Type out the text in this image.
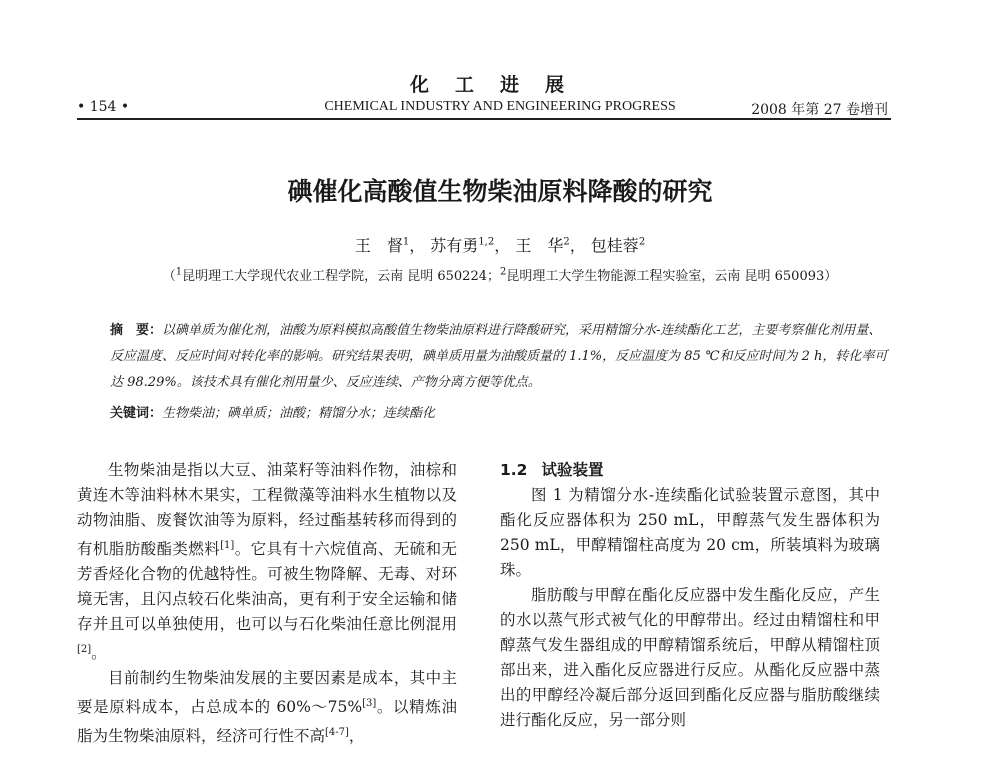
化工进展
• 154 •	CHEMICAL INDUSTRY AND ENGINEERING PROGRESS	2008 年第 27 卷增刊
碘催化高酸值生物柴油原料降酸的研究
王　督$^1$， 苏有勇$^{1,2}$， 王　华$^2$， 包桂蓉$^2$
（$^1$昆明理工大学现代农业工程学院，云南 昆明 650224；$^2$昆明理工大学生物能源工程实验室，云南 昆明 650093）
摘　要：以碘单质为催化剂，油酸为原料模拟高酸值生物柴油原料进行降酸研究，采用精馏分水-连续酯化工艺，主要考察催化剂用量、反应温度、反应时间对转化率的影响。研究结果表明，碘单质用量为油酸质量的 1.1%，反应温度为 85 ℃和反应时间为 2 h，转化率可达 98.29%。该技术具有催化剂用量少、反应连续、产物分离方便等优点。
关键词：生物柴油；碘单质；油酸；精馏分水；连续酯化

生物柴油是指以大豆、油菜籽等油料作物，油棕和黄连木等油料林木果实，工程微藻等油料水生植物以及动物油脂、废餐饮油等为原料，经过酯基转移而得到的有机脂肪酸酯类燃料[1]。它具有十六烷值高、无硫和无芳香烃化合物的优越特性。可被生物降解、无毒、对环境无害，且闪点较石化柴油高，更有利于安全运输和储存并且可以单独使用，也可以与石化柴油任意比例混用[2]。

目前制约生物柴油发展的主要因素是成本，其中主要是原料成本，占总成本的 60%～75%[3]。以精炼油脂为生物柴油原料，经济可行性不高[4-7]，

1.2 试验装置

图 1 为精馏分水-连续酯化试验装置示意图，其中酯化反应器体积为 250 mL，甲醇蒸气发生器体积为 250 mL，甲醇精馏柱高度为 20 cm，所装填料为玻璃珠。

脂肪酸与甲醇在酯化反应器中发生酯化反应，产生的水以蒸气形式被气化的甲醇带出。经过由精馏柱和甲醇蒸气发生器组成的甲醇精馏系统后，甲醇从精馏柱顶部出来，进入酯化反应器进行反应。从酯化反应器中蒸出的甲醇经冷凝后部分返回到酯化反应器与脂肪酸继续进行酯化反应，另一部分则
